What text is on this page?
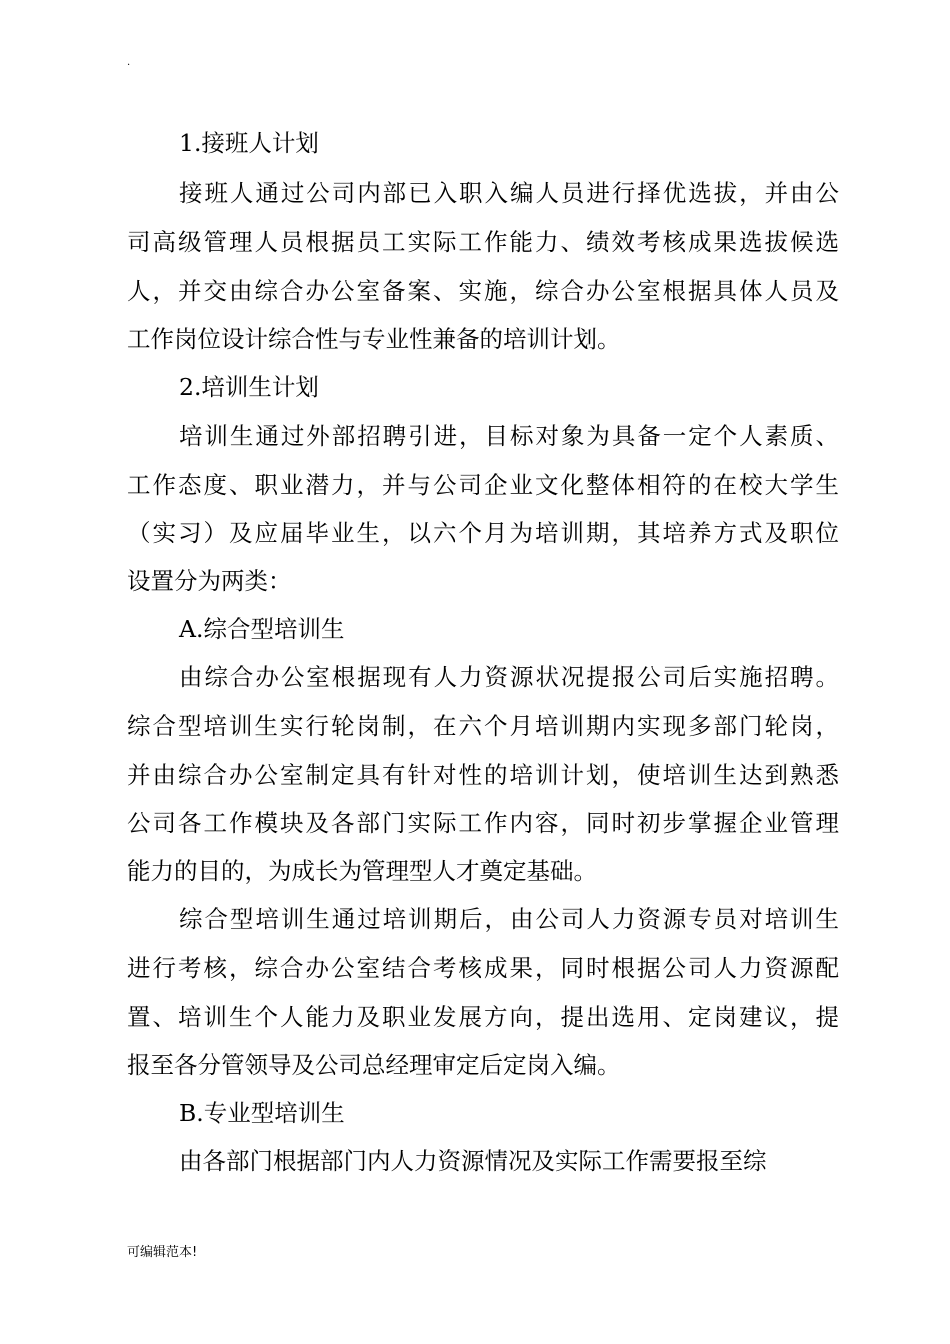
.
1.接班人计划
接班人通过公司内部已入职入编人员进行择优选拔，并由公
司高级管理人员根据员工实际工作能力、绩效考核成果选拔候选
人，并交由综合办公室备案、实施，综合办公室根据具体人员及
工作岗位设计综合性与专业性兼备的培训计划。
2.培训生计划
培训生通过外部招聘引进，目标对象为具备一定个人素质、
工作态度、职业潜力，并与公司企业文化整体相符的在校大学生
（实习）及应届毕业生，以六个月为培训期，其培养方式及职位
设置分为两类：
A.综合型培训生
由综合办公室根据现有人力资源状况提报公司后实施招聘。
综合型培训生实行轮岗制，在六个月培训期内实现多部门轮岗，
并由综合办公室制定具有针对性的培训计划，使培训生达到熟悉
公司各工作模块及各部门实际工作内容，同时初步掌握企业管理
能力的目的，为成长为管理型人才奠定基础。
综合型培训生通过培训期后，由公司人力资源专员对培训生
进行考核，综合办公室结合考核成果，同时根据公司人力资源配
置、培训生个人能力及职业发展方向，提出选用、定岗建议，提
报至各分管领导及公司总经理审定后定岗入编。
B.专业型培训生
由各部门根据部门内人力资源情况及实际工作需要报至综
可编辑范本!
